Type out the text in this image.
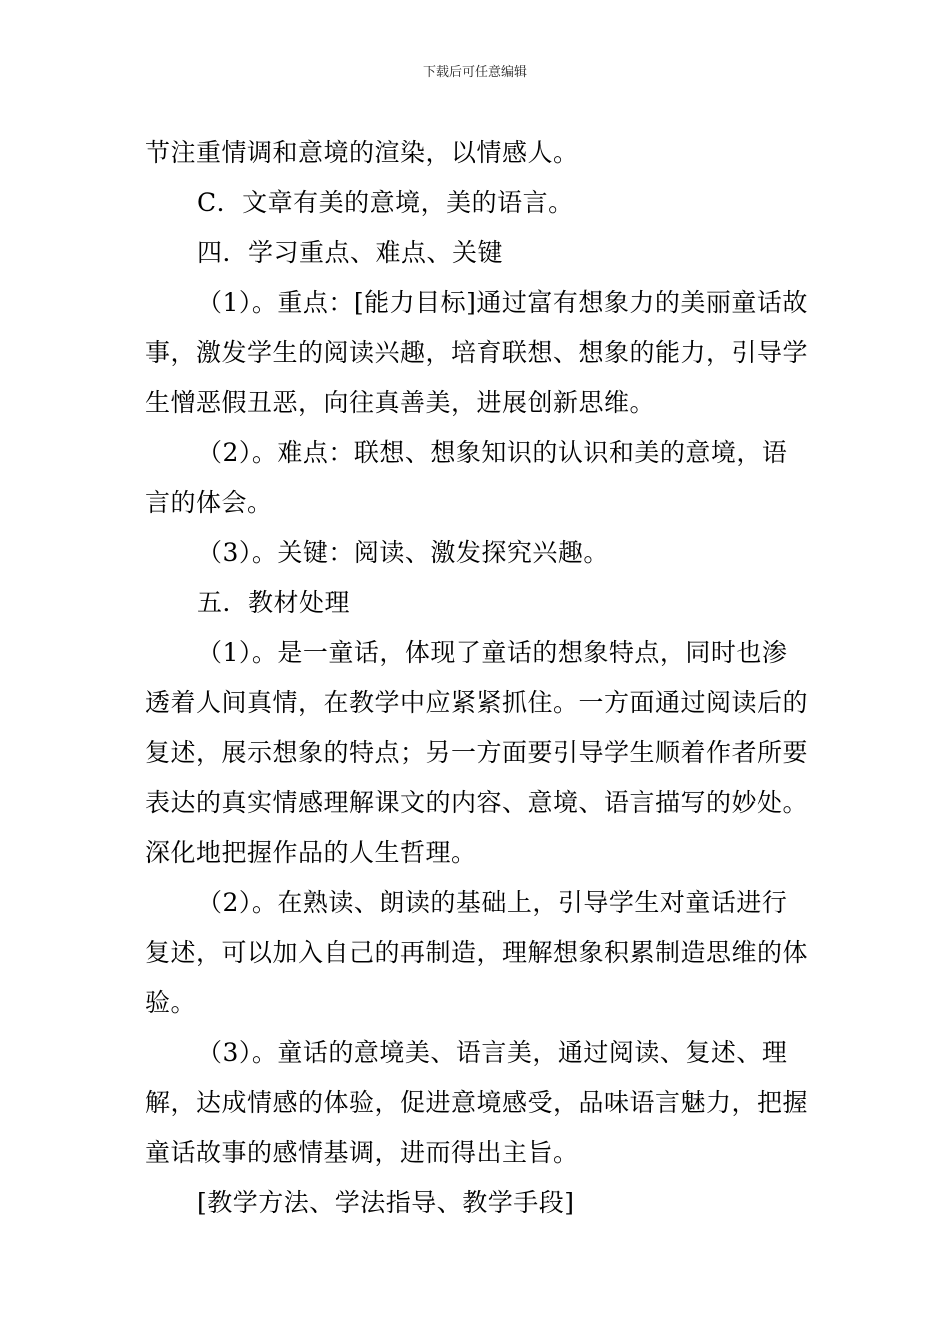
下载后可任意编辑

节注重情调和意境的渲染，以情感人。

C．文章有美的意境，美的语言。

四．学习重点、难点、关键

（1）。重点：[能力目标]通过富有想象力的美丽童话故事，激发学生的阅读兴趣，培育联想、想象的能力，引导学生憎恶假丑恶，向往真善美，进展创新思维。

（2）。难点：联想、想象知识的认识和美的意境，语言的体会。

（3）。关键：阅读、激发探究兴趣。

五．教材处理

（1）。是一童话，体现了童话的想象特点，同时也渗透着人间真情，在教学中应紧紧抓住。一方面通过阅读后的复述，展示想象的特点；另一方面要引导学生顺着作者所要表达的真实情感理解课文的内容、意境、语言描写的妙处。深化地把握作品的人生哲理。

（2）。在熟读、朗读的基础上，引导学生对童话进行复述，可以加入自己的再制造，理解想象积累制造思维的体验。

（3）。童话的意境美、语言美，通过阅读、复述、理解，达成情感的体验，促进意境感受，品味语言魅力，把握童话故事的感情基调，进而得出主旨。

[教学方法、学法指导、教学手段]
